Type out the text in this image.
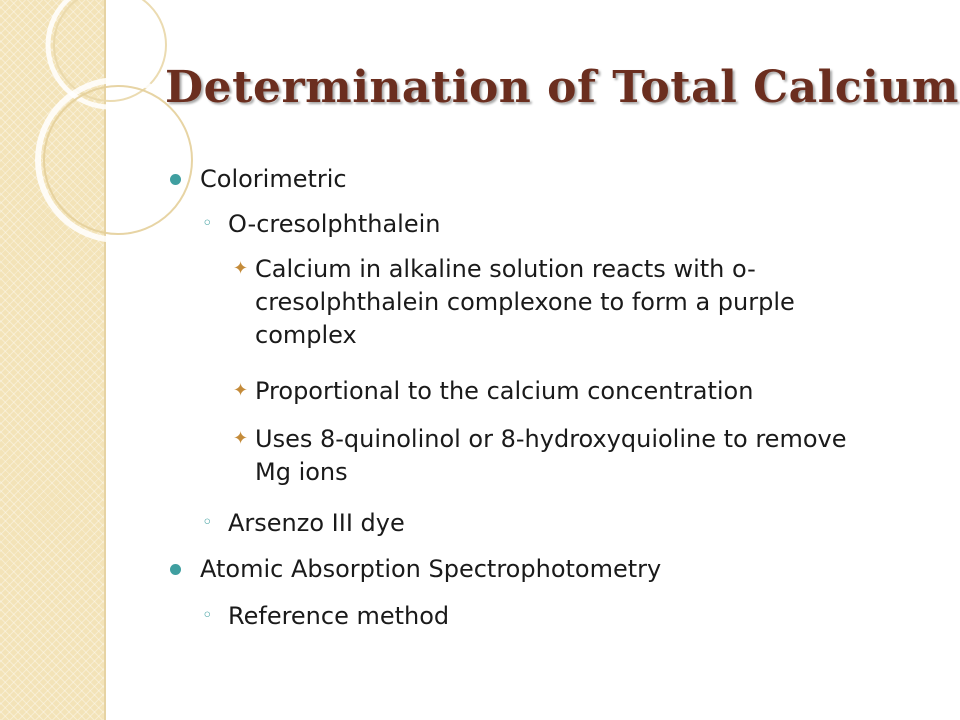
Determination of Total Calcium
Colorimetric
◦ O-cresolphthalein
✦ Calcium in alkaline solution reacts with o-
cresolphthalein complexone to form a purple
complex
✦ Proportional to the calcium concentration
✦ Uses 8-quinolinol or 8-hydroxyquioline to remove
Mg ions
◦ Arsenzo III dye
Atomic Absorption Spectrophotometry
◦ Reference method
